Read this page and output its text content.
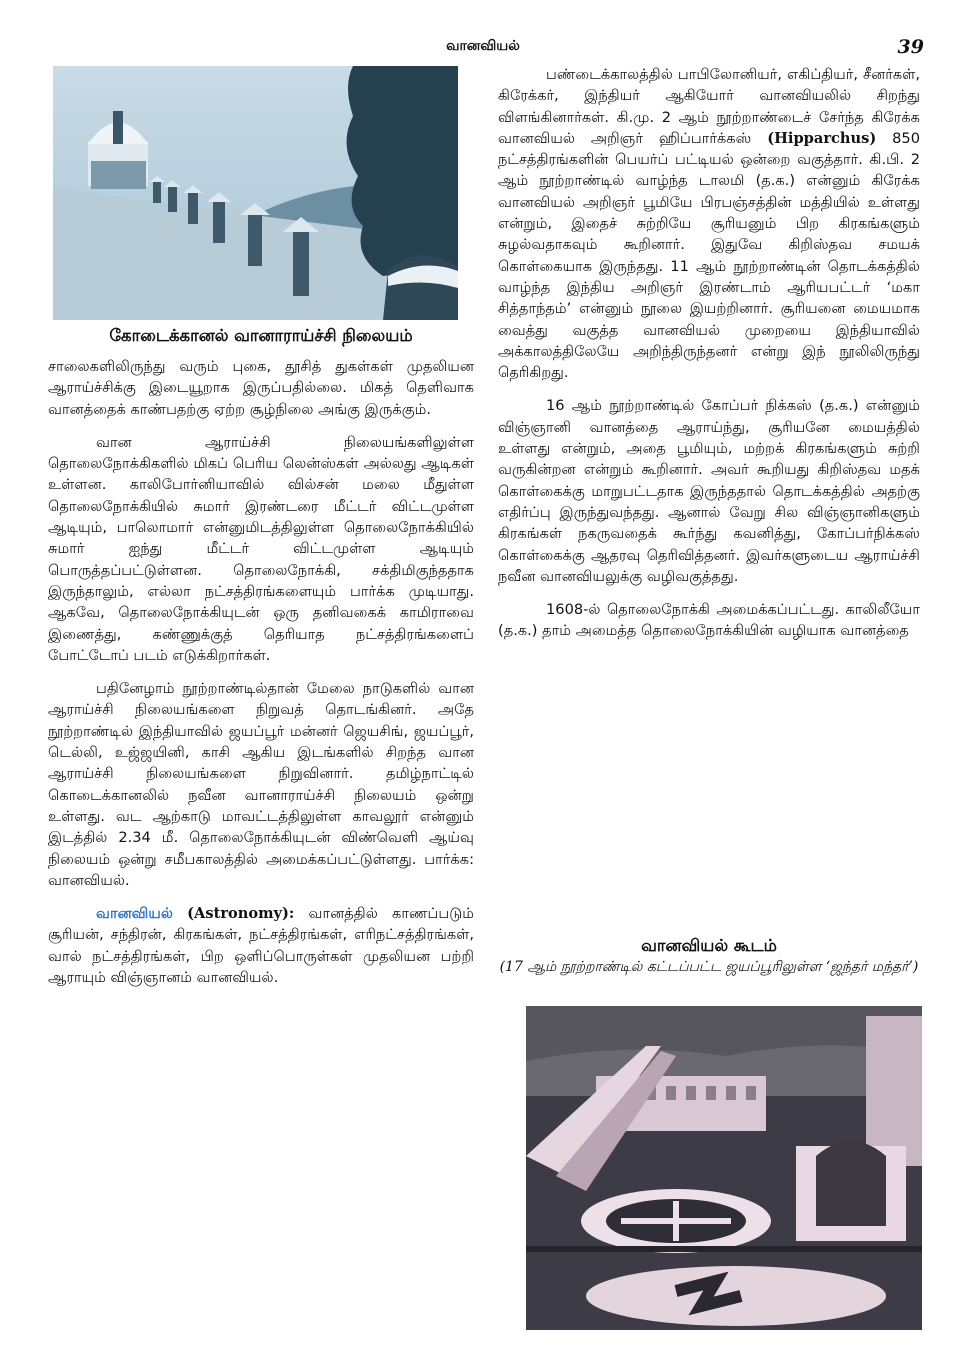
வானவியல்	39
கோடைக்கானல் வானாராய்ச்சி நிலையம்

சாலைகளிலிருந்து வரும் புகை, தூசித் துகள்கள் முதலியன ஆராய்ச்சிக்கு இடையூறாக இருப்பதில்லை. மிகத் தெளிவாக வானத்தைக் காண்பதற்கு ஏற்ற சூழ்நிலை அங்கு இருக்கும்.

வான ஆராய்ச்சி நிலையங்களிலுள்ள தொலைநோக்கிகளில் மிகப் பெரிய லென்ஸ்கள் அல்லது ஆடிகள் உள்ளன. காலிபோர்னியாவில் வில்சன் மலை மீதுள்ள தொலைநோக்கியில் சுமார் இரண்டரை மீட்டர் விட்டமுள்ள ஆடியும், பாலொமார் என்னுமிடத்திலுள்ள தொலைநோக்கியில் சுமார் ஐந்து மீட்டர் விட்டமுள்ள ஆடியும் பொருத்தப்பட்டுள்ளன. தொலைநோக்கி, சக்திமிகுந்ததாக இருந்தாலும், எல்லா நட்சத்திரங்களையும் பார்க்க முடியாது. ஆகவே, தொலைநோக்கியுடன் ஒரு தனிவகைக் காமிராவை இணைத்து, கண்ணுக்குத் தெரியாத நட்சத்திரங்களைப் போட்டோப் படம் எடுக்கிறார்கள்.

பதினேழாம் நூற்றாண்டில்தான் மேலை நாடுகளில் வான ஆராய்ச்சி நிலையங்களை நிறுவத் தொடங்கினர். அதே நூற்றாண்டில் இந்தியாவில் ஜயப்பூர் மன்னர் ஜெயசிங், ஜயப்பூர், டெல்லி, உஜ்ஜயினி, காசி ஆகிய இடங்களில் சிறந்த வான ஆராய்ச்சி நிலையங்களை நிறுவினார். தமிழ்நாட்டில் கொடைக்கானலில் நவீன வானாராய்ச்சி நிலையம் ஒன்று உள்ளது. வட ஆற்காடு மாவட்டத்திலுள்ள காவலூர் என்னும் இடத்தில் 2.34 மீ. தொலைநோக்கியுடன் விண்வெளி ஆய்வு நிலையம் ஒன்று சமீபகாலத்தில் அமைக்கப்பட்டுள்ளது. பார்க்க: வானவியல்.

வானவியல் (Astronomy): வானத்தில் காணப்படும் சூரியன், சந்திரன், கிரகங்கள், நட்சத்திரங்கள், எரிநட்சத்திரங்கள், வால் நட்சத்திரங்கள், பிற ஒளிப்பொருள்கள் முதலியன பற்றி ஆராயும் விஞ்ஞானம் வானவியல்.

பண்டைக்காலத்தில் பாபிலோனியர், எகிப்தியர், சீனர்கள், கிரேக்கர், இந்தியர் ஆகியோர் வானவியலில் சிறந்து விளங்கினார்கள். கி.மு. 2 ஆம் நூற்றாண்டைச் சேர்ந்த கிரேக்க வானவியல் அறிஞர் ஹிப்பார்க்கஸ் (Hipparchus) 850 நட்சத்திரங்களின் பெயர்ப் பட்டியல் ஒன்றை வகுத்தார். கி.பி. 2 ஆம் நூற்றாண்டில் வாழ்ந்த டாலமி (த.க.) என்னும் கிரேக்க வானவியல் அறிஞர் பூமியே பிரபஞ்சத்தின் மத்தியில் உள்ளது என்றும், இதைச் சுற்றியே சூரியனும் பிற கிரகங்களும் சுழல்வதாகவும் கூறினார். இதுவே கிறிஸ்தவ சமயக் கொள்கையாக இருந்தது. 11 ஆம் நூற்றாண்டின் தொடக்கத்தில் வாழ்ந்த இந்திய அறிஞர் இரண்டாம் ஆரியபட்டர் ‘மகா சித்தாந்தம்’ என்னும் நூலை இயற்றினார். சூரியனை மையமாக வைத்து வகுத்த வானவியல் முறையை இந்தியாவில் அக்காலத்திலேயே அறிந்திருந்தனர் என்று இந் நூலிலிருந்து தெரிகிறது.

16 ஆம் நூற்றாண்டில் கோப்பர் நிக்கஸ் (த.க.) என்னும் விஞ்ஞானி வானத்தை ஆராய்ந்து, சூரியனே மையத்தில் உள்ளது என்றும், அதை பூமியும், மற்றக் கிரகங்களும் சுற்றி வருகின்றன என்றும் கூறினார். அவர் கூறியது கிறிஸ்தவ மதக் கொள்கைக்கு மாறுபட்டதாக இருந்ததால் தொடக்கத்தில் அதற்கு எதிர்ப்பு இருந்துவந்தது. ஆனால் வேறு சில விஞ்ஞானிகளும் கிரகங்கள் நகருவதைக் கூர்ந்து கவனித்து, கோப்பர்நிக்கஸ் கொள்கைக்கு ஆதரவு தெரிவித்தனர். இவர்களுடைய ஆராய்ச்சி நவீன வானவியலுக்கு வழிவகுத்தது.

1608-ல் தொலைநோக்கி அமைக்கப்பட்டது. காலிலீயோ (த.க.) தாம் அமைத்த தொலைநோக்கியின் வழியாக வானத்தை

வானவியல் கூடம்
(17 ஆம் நூற்றாண்டில் கட்டப்பட்ட ஜயப்பூரிலுள்ள ‘ஜந்தர் மந்தர்’)
